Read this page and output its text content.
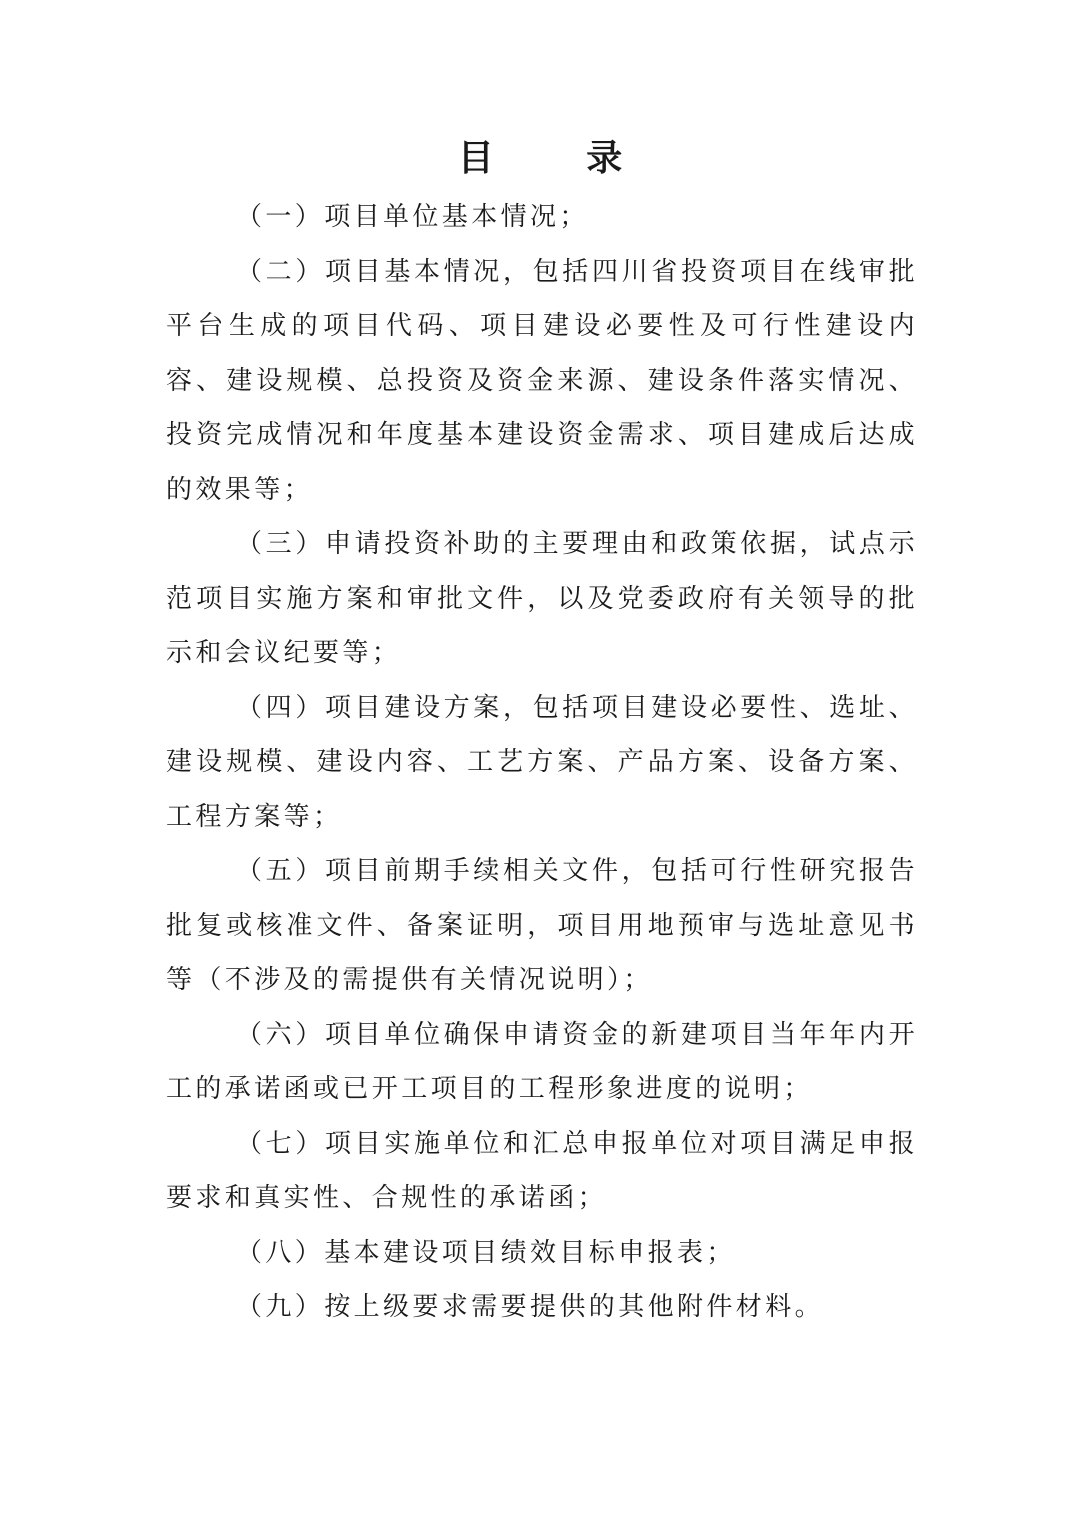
目 录

（一）项目单位基本情况；

（二）项目基本情况，包括四川省投资项目在线审批平台生成的项目代码、项目建设必要性及可行性建设内容、建设规模、总投资及资金来源、建设条件落实情况、投资完成情况和年度基本建设资金需求、项目建成后达成的效果等；

（三）申请投资补助的主要理由和政策依据，试点示范项目实施方案和审批文件，以及党委政府有关领导的批示和会议纪要等；

（四）项目建设方案，包括项目建设必要性、选址、建设规模、建设内容、工艺方案、产品方案、设备方案、工程方案等；

（五）项目前期手续相关文件，包括可行性研究报告批复或核准文件、备案证明，项目用地预审与选址意见书等（不涉及的需提供有关情况说明）；

（六）项目单位确保申请资金的新建项目当年年内开工的承诺函或已开工项目的工程形象进度的说明；

（七）项目实施单位和汇总申报单位对项目满足申报要求和真实性、合规性的承诺函；

（八）基本建设项目绩效目标申报表；

（九）按上级要求需要提供的其他附件材料。
